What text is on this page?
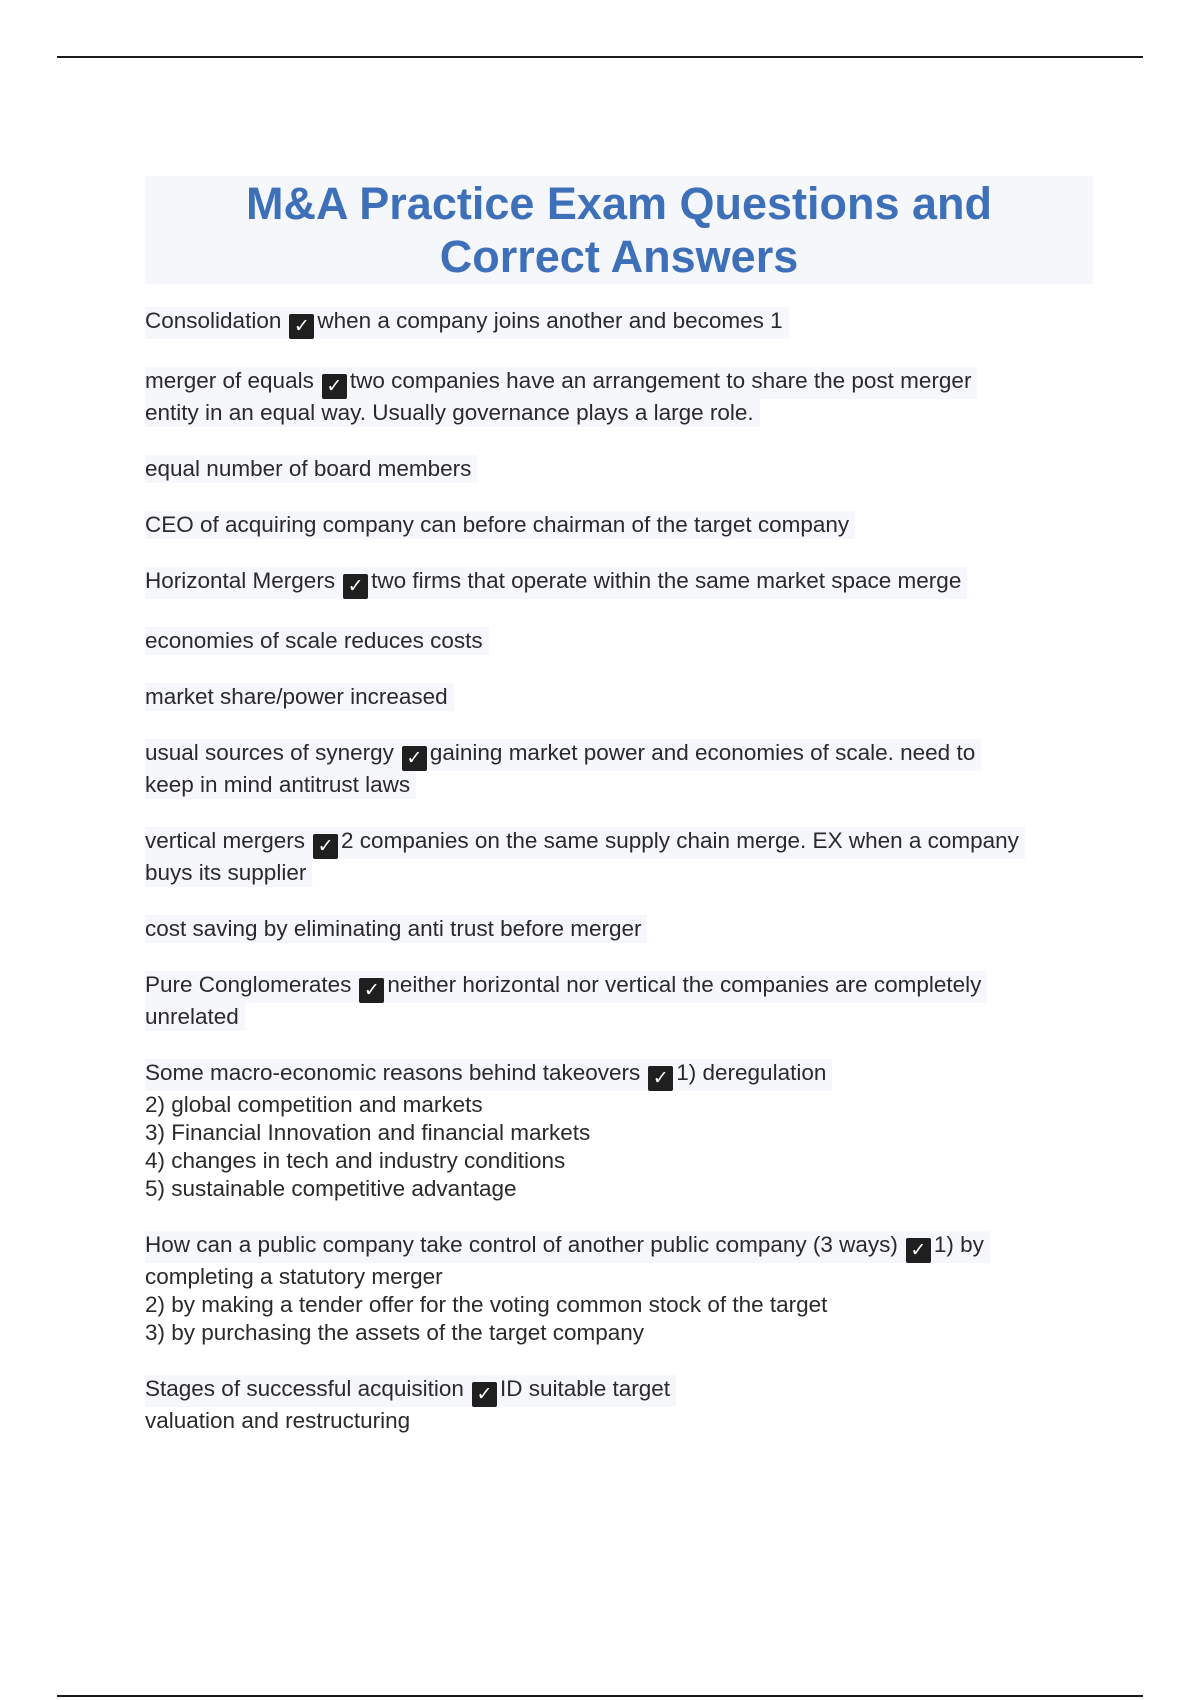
M&A Practice Exam Questions and
Correct Answers
Consolidation ✓ when a company joins another and becomes 1
merger of equals ✓ two companies have an arrangement to share the post merger
entity in an equal way. Usually governance plays a large role.
equal number of board members
CEO of acquiring company can before chairman of the target company
Horizontal Mergers ✓ two firms that operate within the same market space merge
economies of scale reduces costs
market share/power increased
usual sources of synergy ✓ gaining market power and economies of scale. need to
keep in mind antitrust laws
vertical mergers ✓ 2 companies on the same supply chain merge. EX when a company
buys its supplier
cost saving by eliminating anti trust before merger
Pure Conglomerates ✓ neither horizontal nor vertical the companies are completely
unrelated
Some macro-economic reasons behind takeovers ✓ 1) deregulation
2) global competition and markets
3) Financial Innovation and financial markets
4) changes in tech and industry conditions
5) sustainable competitive advantage
How can a public company take control of another public company (3 ways) ✓ 1) by
completing a statutory merger
2) by making a tender offer for the voting common stock of the target
3) by purchasing the assets of the target company
Stages of successful acquisition ✓ ID suitable target
valuation and restructuring
